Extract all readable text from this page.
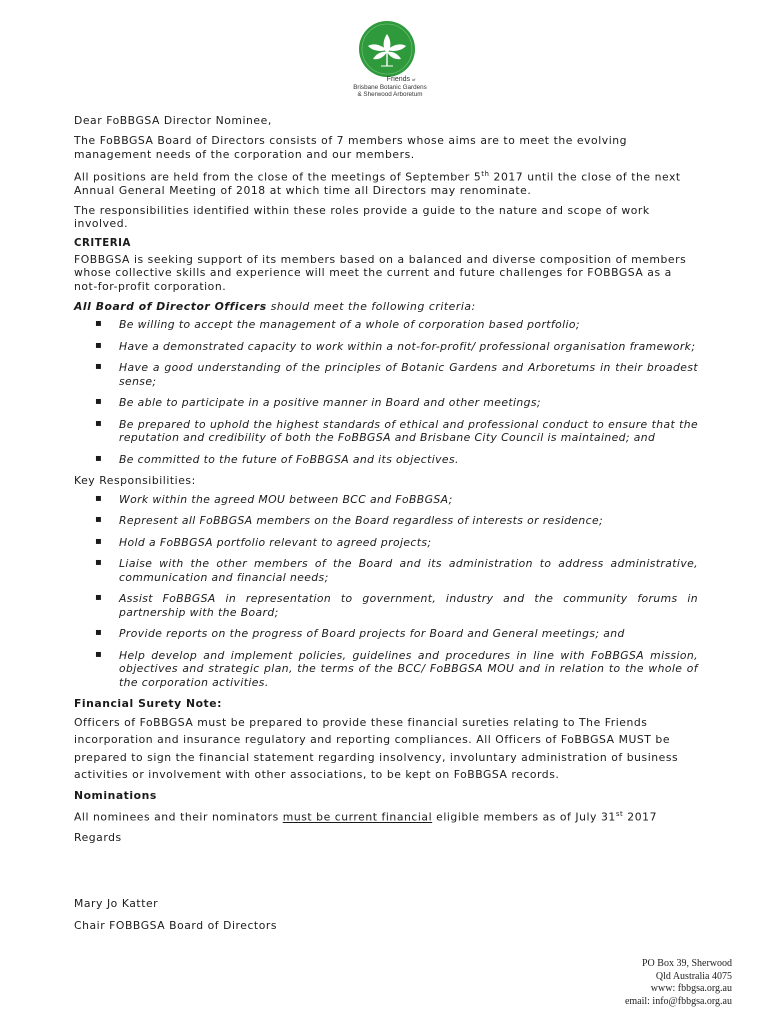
Friends of
Brisbane Botanic Gardens
& Sherwood Arboretum

Dear FoBBGSA Director Nominee,

The FoBBGSA Board of Directors consists of 7 members whose aims are to meet the evolving management needs of the corporation and our members.

All positions are held from the close of the meetings of September 5th 2017 until the close of the next Annual General Meeting of 2018 at which time all Directors may renominate.

The responsibilities identified within these roles provide a guide to the nature and scope of work involved.

CRITERIA

FOBBGSA is seeking support of its members based on a balanced and diverse composition of members whose collective skills and experience will meet the current and future challenges for FOBBGSA as a not-for-profit corporation.

All Board of Director Officers should meet the following criteria:

▪ Be willing to accept the management of a whole of corporation based portfolio;
▪ Have a demonstrated capacity to work within a not-for-profit/ professional organisation framework;
▪ Have a good understanding of the principles of Botanic Gardens and Arboretums in their broadest sense;
▪ Be able to participate in a positive manner in Board and other meetings;
▪ Be prepared to uphold the highest standards of ethical and professional conduct to ensure that the reputation and credibility of both the FoBBGSA and Brisbane City Council is maintained; and
▪ Be committed to the future of FoBBGSA and its objectives.

Key Responsibilities:

▪ Work within the agreed MOU between BCC and FoBBGSA;
▪ Represent all FoBBGSA members on the Board regardless of interests or residence;
▪ Hold a FoBBGSA portfolio relevant to agreed projects;
▪ Liaise with the other members of the Board and its administration to address administrative, communication and financial needs;
▪ Assist FoBBGSA in representation to government, industry and the community forums in partnership with the Board;
▪ Provide reports on the progress of Board projects for Board and General meetings; and
▪ Help develop and implement policies, guidelines and procedures in line with FoBBGSA mission, objectives and strategic plan, the terms of the BCC/ FoBBGSA MOU and in relation to the whole of the corporation activities.

Financial Surety Note:

Officers of FoBBGSA must be prepared to provide these financial sureties relating to The Friends incorporation and insurance regulatory and reporting compliances. All Officers of FoBBGSA MUST be prepared to sign the financial statement regarding insolvency, involuntary administration of business activities or involvement with other associations, to be kept on FoBBGSA records.

Nominations

All nominees and their nominators must be current financial eligible members as of July 31st 2017

Regards

Mary Jo Katter

Chair FOBBGSA Board of Directors

PO Box 39, Sherwood
Qld Australia 4075
www: fbbgsa.org.au
email: info@fbbgsa.org.au
